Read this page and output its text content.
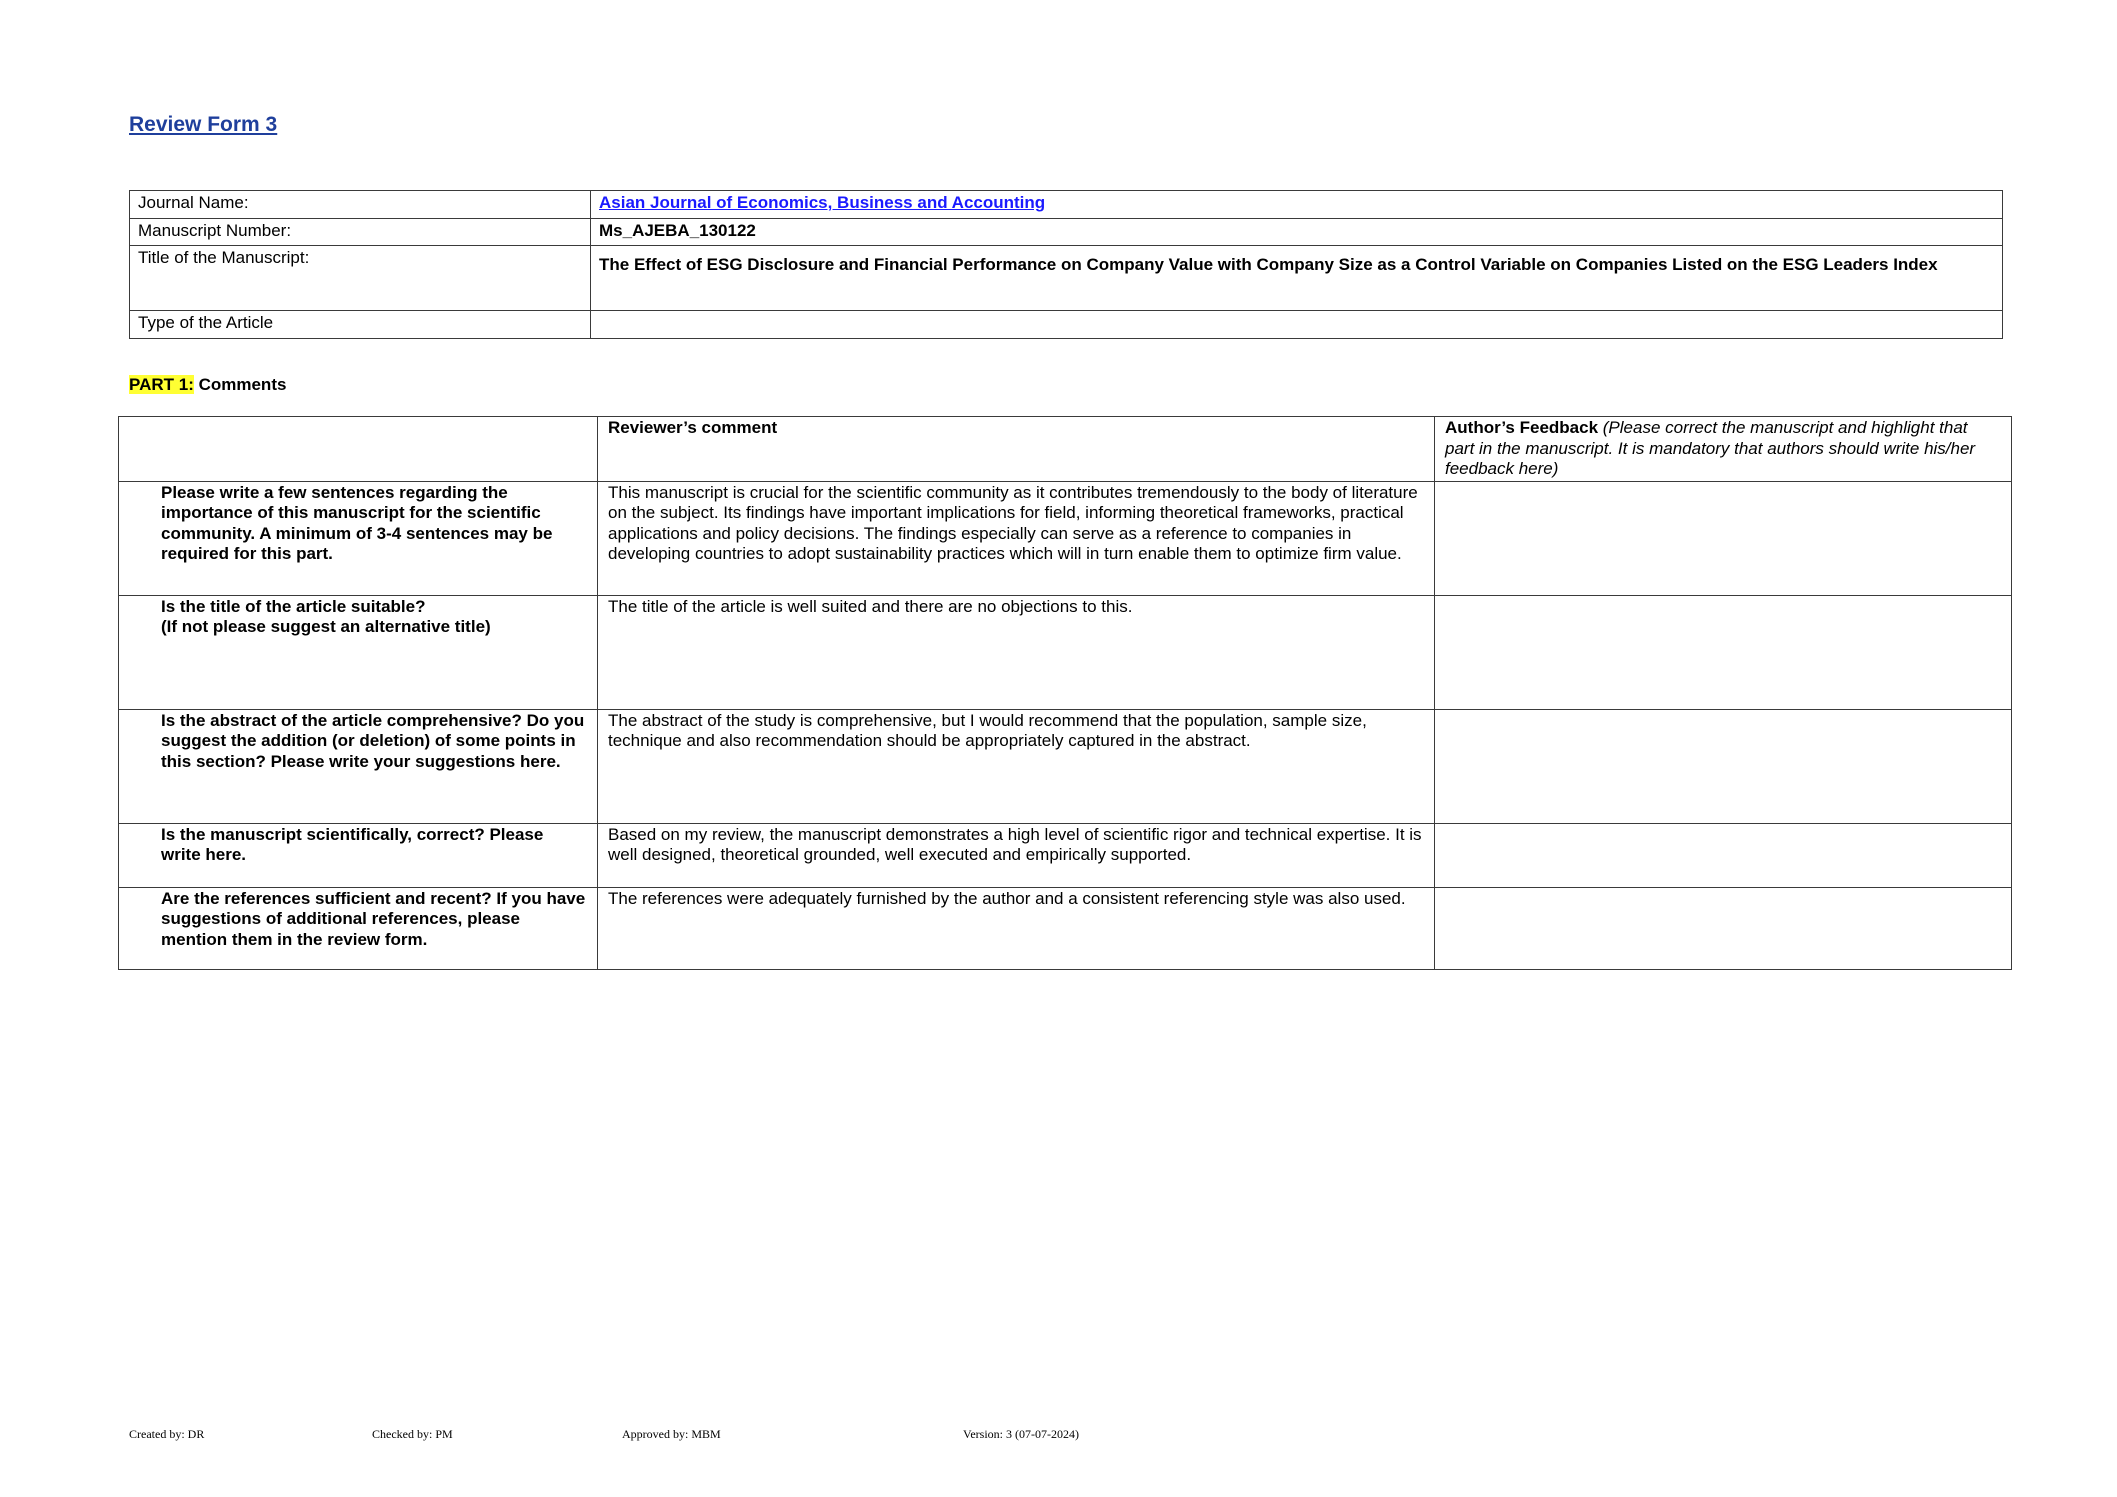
Review Form 3
Journal Name:	Asian Journal of Economics, Business and Accounting
Manuscript Number:	Ms_AJEBA_130122
Title of the Manuscript:	The Effect of ESG Disclosure and Financial Performance on Company Value with Company Size as a Control Variable on Companies Listed on the ESG Leaders Index
Type of the Article	
PART 1: Comments
	Reviewer’s comment	Author’s Feedback (Please correct the manuscript and highlight that part in the manuscript. It is mandatory that authors should write his/her feedback here)
Please write a few sentences regarding the importance of this manuscript for the scientific community. A minimum of 3-4 sentences may be required for this part.	This manuscript is crucial for the scientific community as it contributes tremendously to the body of literature on the subject. Its findings have important implications for field, informing theoretical frameworks, practical applications and policy decisions. The findings especially can serve as a reference to companies in developing countries to adopt sustainability practices which will in turn enable them to optimize firm value.	
Is the title of the article suitable?
(If not please suggest an alternative title)	The title of the article is well suited and there are no objections to this.	
Is the abstract of the article comprehensive? Do you suggest the addition (or deletion) of some points in this section? Please write your suggestions here.	The abstract of the study is comprehensive, but I would recommend that the population, sample size, technique and also recommendation should be appropriately captured in the abstract.	
Is the manuscript scientifically, correct? Please write here.	Based on my review, the manuscript demonstrates a high level of scientific rigor and technical expertise. It is well designed, theoretical grounded, well executed and empirically supported.	
Are the references sufficient and recent? If you have suggestions of additional references, please mention them in the review form.	The references were adequately furnished by the author and a consistent referencing style was also used.	
Created by: DR	Checked by: PM	Approved by: MBM	Version: 3 (07-07-2024)
